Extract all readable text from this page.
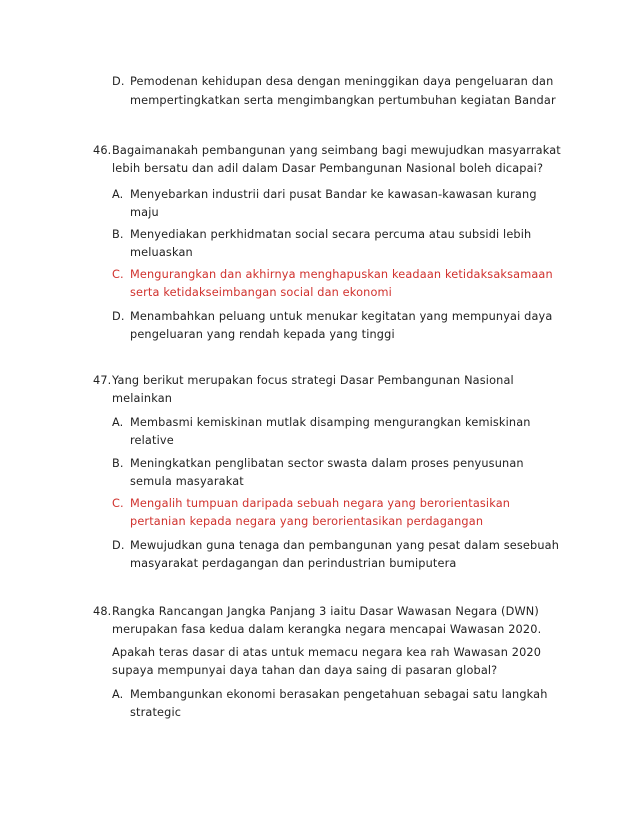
D. Pemodenan kehidupan desa dengan meninggikan daya pengeluaran dan
mempertingkatkan serta mengimbangkan pertumbuhan kegiatan Bandar
46. Bagaimanakah pembangunan yang seimbang bagi mewujudkan masyarrakat
lebih bersatu dan adil dalam Dasar Pembangunan Nasional boleh dicapai?
A. Menyebarkan industrii dari pusat Bandar ke kawasan-kawasan kurang
maju
B. Menyediakan perkhidmatan social secara percuma atau subsidi lebih
meluaskan
C. Mengurangkan dan akhirnya menghapuskan keadaan ketidaksaksamaan
serta ketidakseimbangan social dan ekonomi
D. Menambahkan peluang untuk menukar kegitatan yang mempunyai daya
pengeluaran yang rendah kepada yang tinggi
47. Yang berikut merupakan focus strategi Dasar Pembangunan Nasional
melainkan
A. Membasmi kemiskinan mutlak disamping mengurangkan kemiskinan
relative
B. Meningkatkan penglibatan sector swasta dalam proses penyusunan
semula masyarakat
C. Mengalih tumpuan daripada sebuah negara yang berorientasikan
pertanian kepada negara yang berorientasikan perdagangan
D. Mewujudkan guna tenaga dan pembangunan yang pesat dalam sesebuah
masyarakat perdagangan dan perindustrian bumiputera
48. Rangka Rancangan Jangka Panjang 3 iaitu Dasar Wawasan Negara (DWN)
merupakan fasa kedua dalam kerangka negara mencapai Wawasan 2020.
Apakah teras dasar di atas untuk memacu negara kea rah Wawasan 2020
supaya mempunyai daya tahan dan daya saing di pasaran global?
A. Membangunkan ekonomi berasakan pengetahuan sebagai satu langkah
strategic
